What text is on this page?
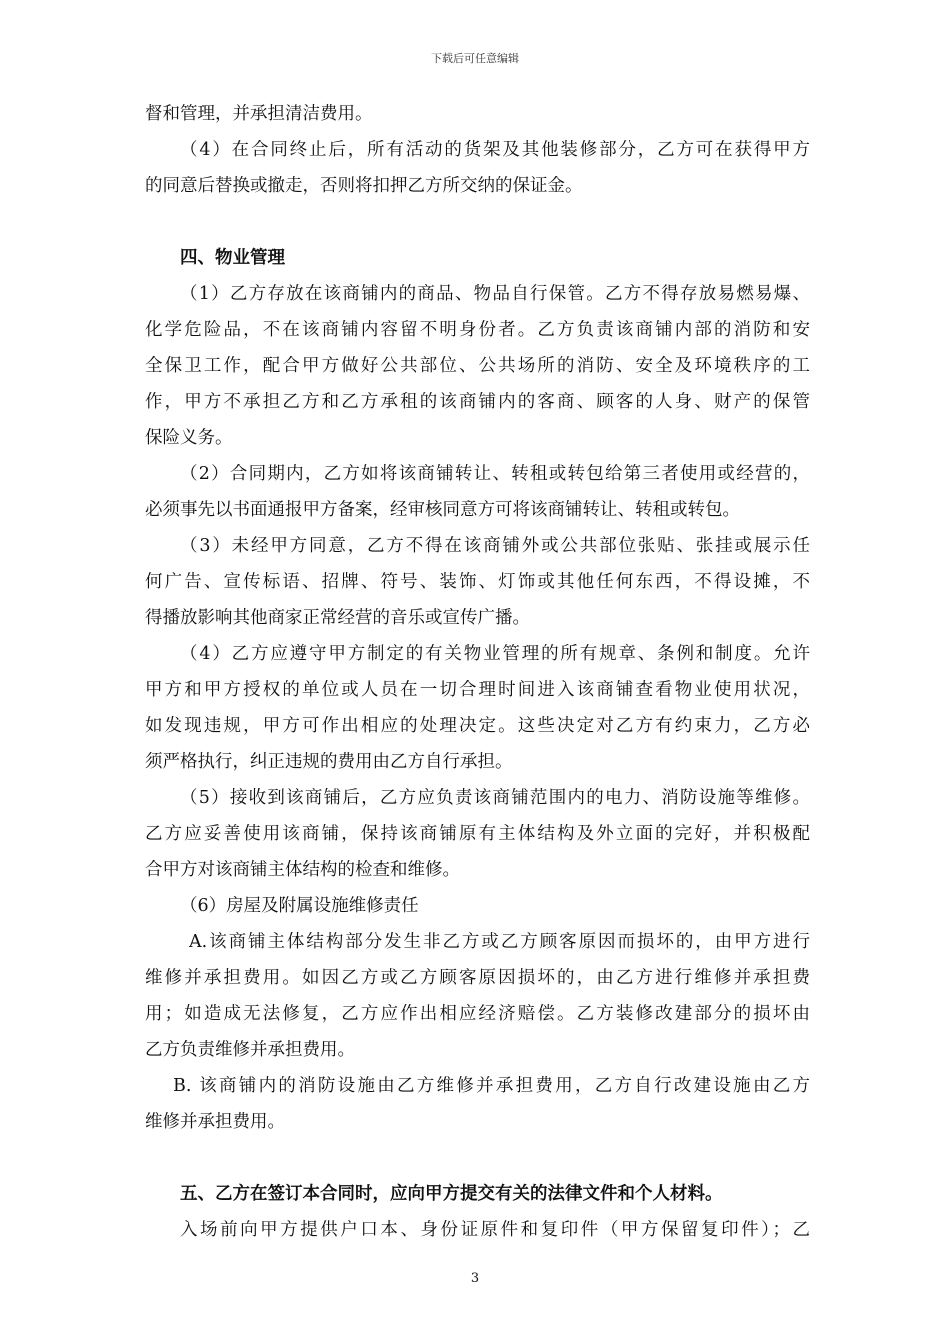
下载后可任意编辑
督和管理，并承担清洁费用。
（4）在合同终止后，所有活动的货架及其他装修部分，乙方可在获得甲方
的同意后替换或撤走，否则将扣押乙方所交纳的保证金。
四、物业管理
（1）乙方存放在该商铺内的商品、物品自行保管。乙方不得存放易燃易爆、
化学危险品，不在该商铺内容留不明身份者。乙方负责该商铺内部的消防和安
全保卫工作，配合甲方做好公共部位、公共场所的消防、安全及环境秩序的工
作，甲方不承担乙方和乙方承租的该商铺内的客商、顾客的人身、财产的保管
保险义务。
（2）合同期内，乙方如将该商铺转让、转租或转包给第三者使用或经营的，
必须事先以书面通报甲方备案，经审核同意方可将该商铺转让、转租或转包。
（3）未经甲方同意，乙方不得在该商铺外或公共部位张贴、张挂或展示任
何广告、宣传标语、招牌、符号、装饰、灯饰或其他任何东西，不得设摊，不
得播放影响其他商家正常经营的音乐或宣传广播。
（4）乙方应遵守甲方制定的有关物业管理的所有规章、条例和制度。允许
甲方和甲方授权的单位或人员在一切合理时间进入该商铺查看物业使用状况，
如发现违规，甲方可作出相应的处理决定。这些决定对乙方有约束力，乙方必
须严格执行，纠正违规的费用由乙方自行承担。
（5）接收到该商铺后，乙方应负责该商铺范围内的电力、消防设施等维修。
乙方应妥善使用该商铺，保持该商铺原有主体结构及外立面的完好，并积极配
合甲方对该商铺主体结构的检查和维修。
（6）房屋及附属设施维修责任
A.该商铺主体结构部分发生非乙方或乙方顾客原因而损坏的，由甲方进行
维修并承担费用。如因乙方或乙方顾客原因损坏的，由乙方进行维修并承担费
用；如造成无法修复，乙方应作出相应经济赔偿。乙方装修改建部分的损坏由
乙方负责维修并承担费用。
B. 该商铺内的消防设施由乙方维修并承担费用，乙方自行改建设施由乙方
维修并承担费用。
五、乙方在签订本合同时，应向甲方提交有关的法律文件和个人材料。
入场前向甲方提供户口本、身份证原件和复印件（甲方保留复印件）；乙
3
